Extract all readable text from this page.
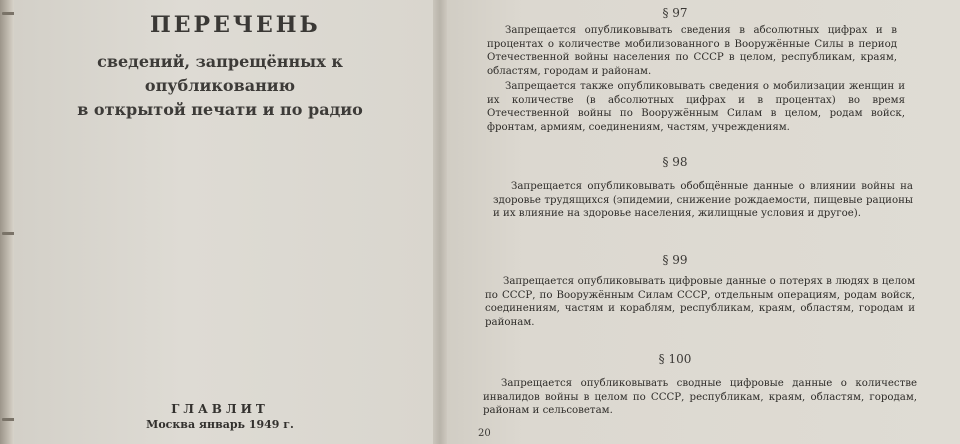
ПЕРЕЧЕНЬ
сведений, запрещённых к опубликованию
в открытой печати и по радио
ГЛАВЛИТ
Москва январь 1949 г.
§ 97

Запрещается опубликовывать сведения в абсолютных цифрах и в процентах о количестве мобилизованного в Вооружённые Силы в период Отечественной войны населения по СССР в целом, республикам, краям, областям, городам и районам.

Запрещается также опубликовывать сведения о мобилизации женщин и их количестве (в абсолютных цифрах и в процентах) во время Отечественной войны по Вооружённым Силам в целом, родам войск, фронтам, армиям, соединениям, частям, учреждениям.

§ 98

Запрещается опубликовывать обобщённые данные о влиянии войны на здоровье трудящихся (эпидемии, снижение рождаемости, пищевые рационы и их влияние на здоровье населения, жилищные условия и другое).

§ 99

Запрещается опубликовывать цифровые данные о потерях в людях в целом по СССР, по Вооружённым Силам СССР, отдельным операциям, родам войск, соединениям, частям и кораблям, республикам, краям, областям, городам и районам.

§ 100

Запрещается опубликовывать сводные цифровые данные о количестве инвалидов войны в целом по СССР, республикам, краям, областям, городам, районам и сельсоветам.

20
